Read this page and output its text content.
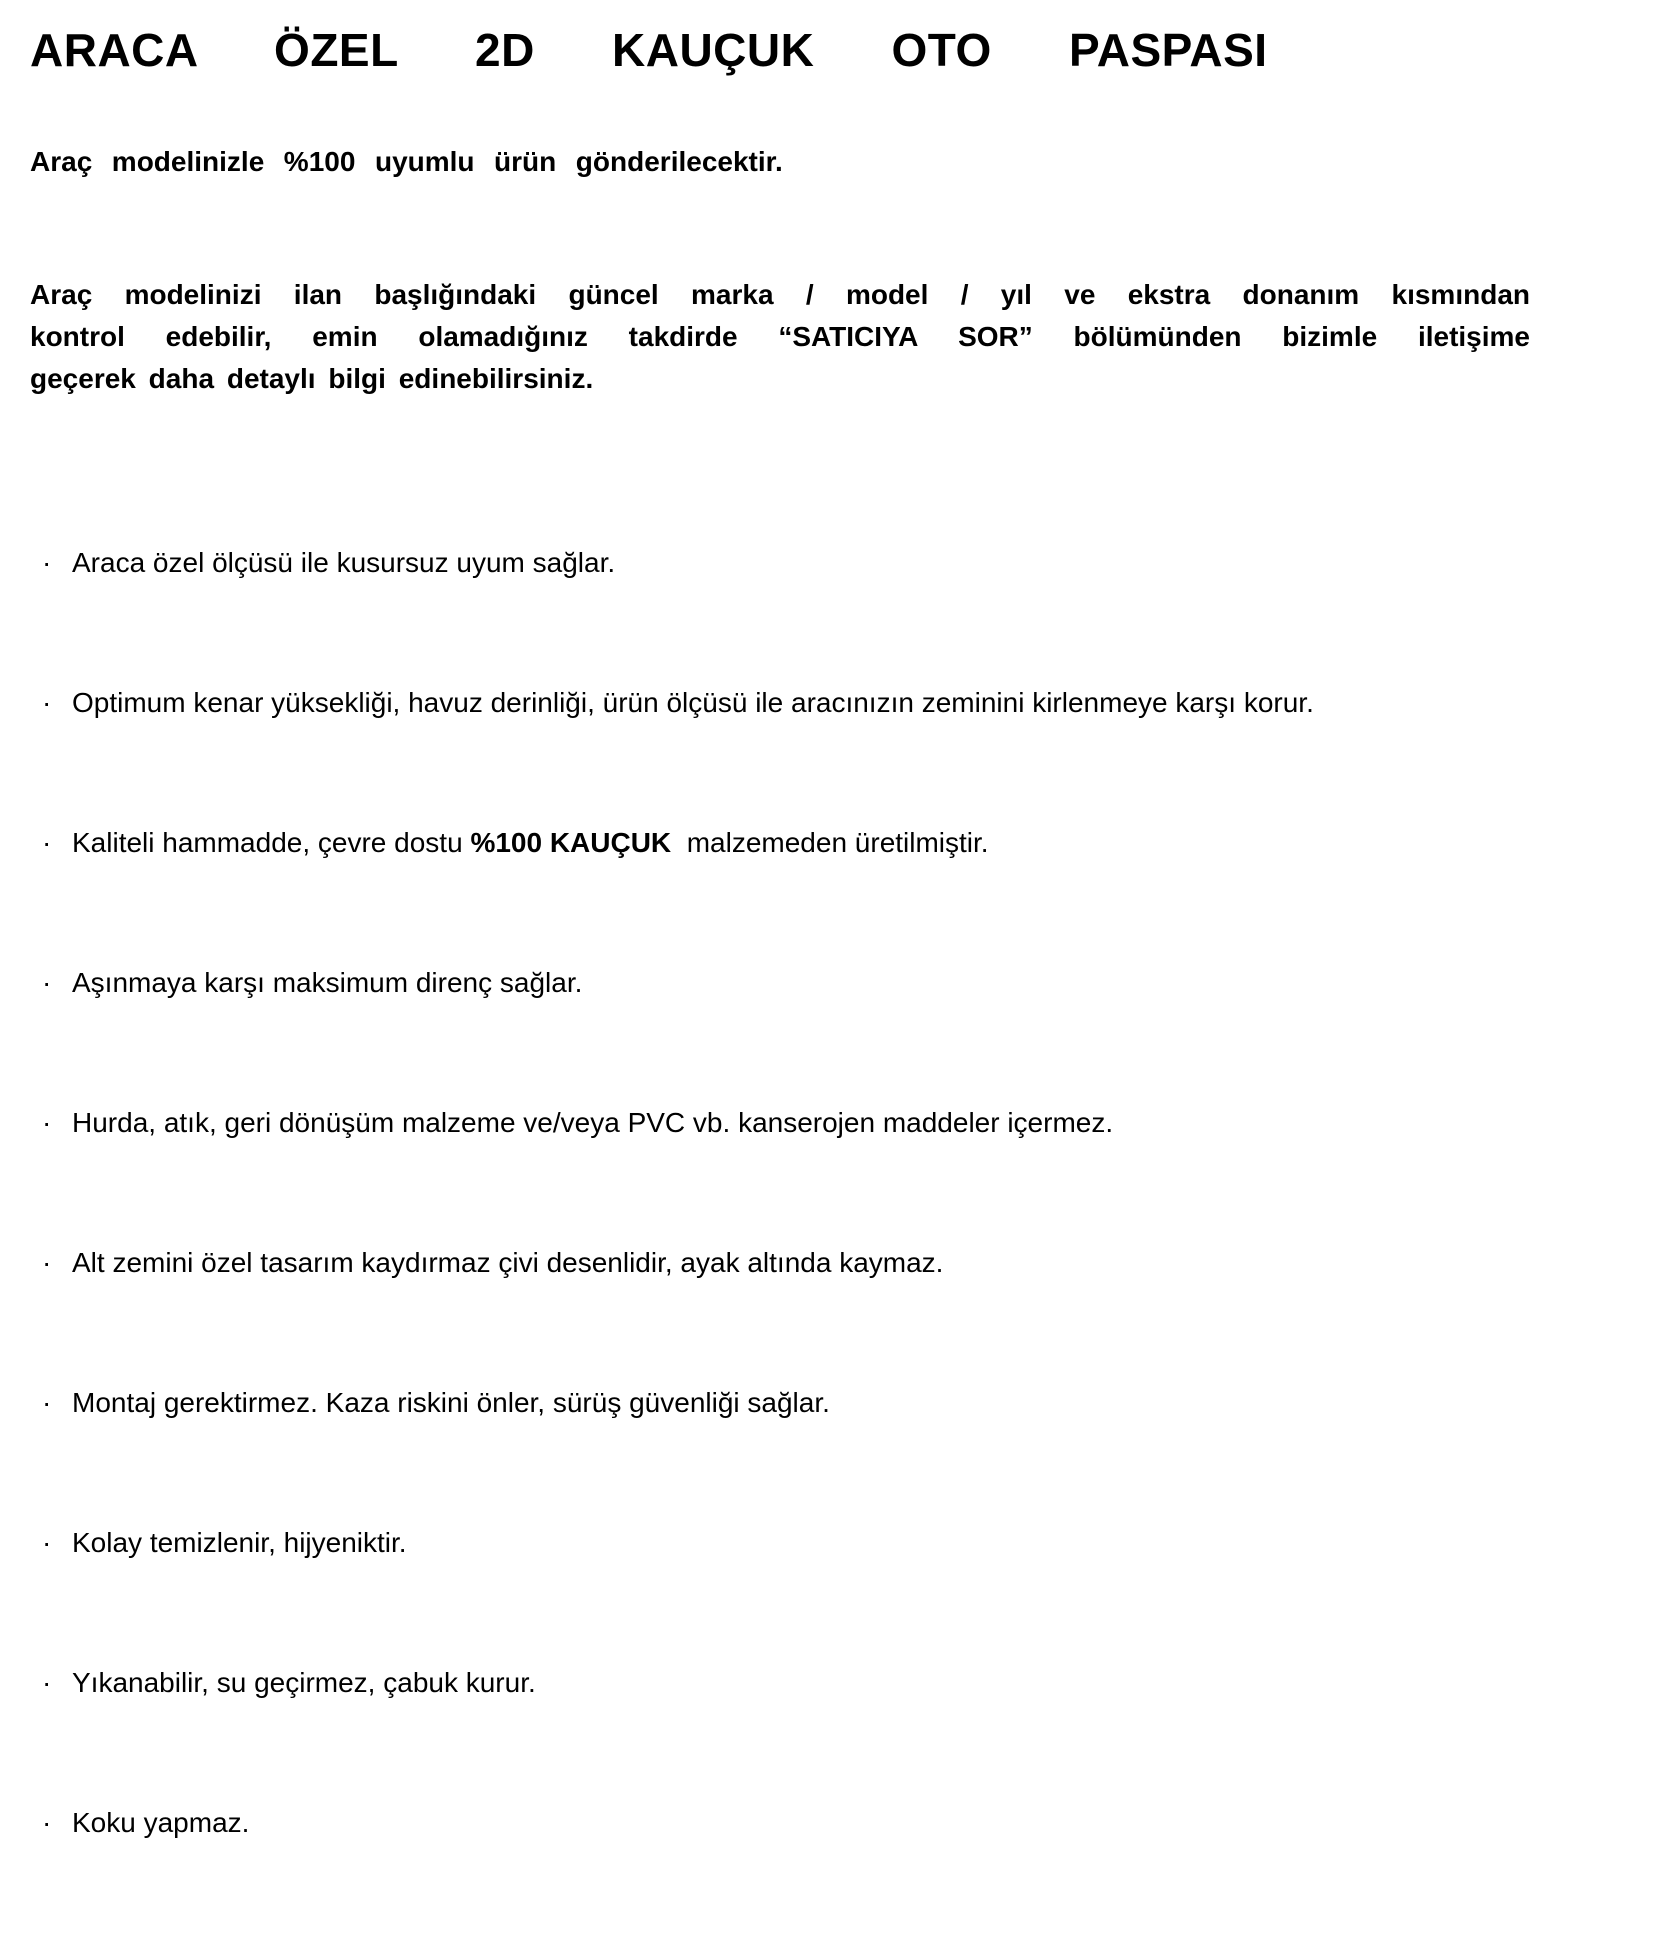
ARACA  ÖZEL  2D  KAUÇUK  OTO  PASPASI

Araç modelinizle %100 uyumlu ürün gönderilecektir.

Araç modelinizi ilan başlığındaki güncel marka / model / yıl ve ekstra donanım kısmından
kontrol edebilir, emin olamadığınız takdirde “SATICIYA SOR” bölümünden bizimle iletişime
geçerek daha detaylı bilgi edinebilirsiniz.
· Araca özel ölçüsü ile kusursuz uyum sağlar.
· Optimum kenar yüksekliği, havuz derinliği, ürün ölçüsü ile aracınızın zeminini kirlenmeye karşı korur.
· Kaliteli hammadde, çevre dostu %100 KAUÇUK  malzemeden üretilmiştir.
· Aşınmaya karşı maksimum direnç sağlar.
· Hurda, atık, geri dönüşüm malzeme ve/veya PVC vb. kanserojen maddeler içermez.
· Alt zemini özel tasarım kaydırmaz çivi desenlidir, ayak altında kaymaz.
· Montaj gerektirmez. Kaza riskini önler, sürüş güvenliği sağlar.
· Kolay temizlenir, hijyeniktir.
· Yıkanabilir, su geçirmez, çabuk kurur.
· Koku yapmaz.
